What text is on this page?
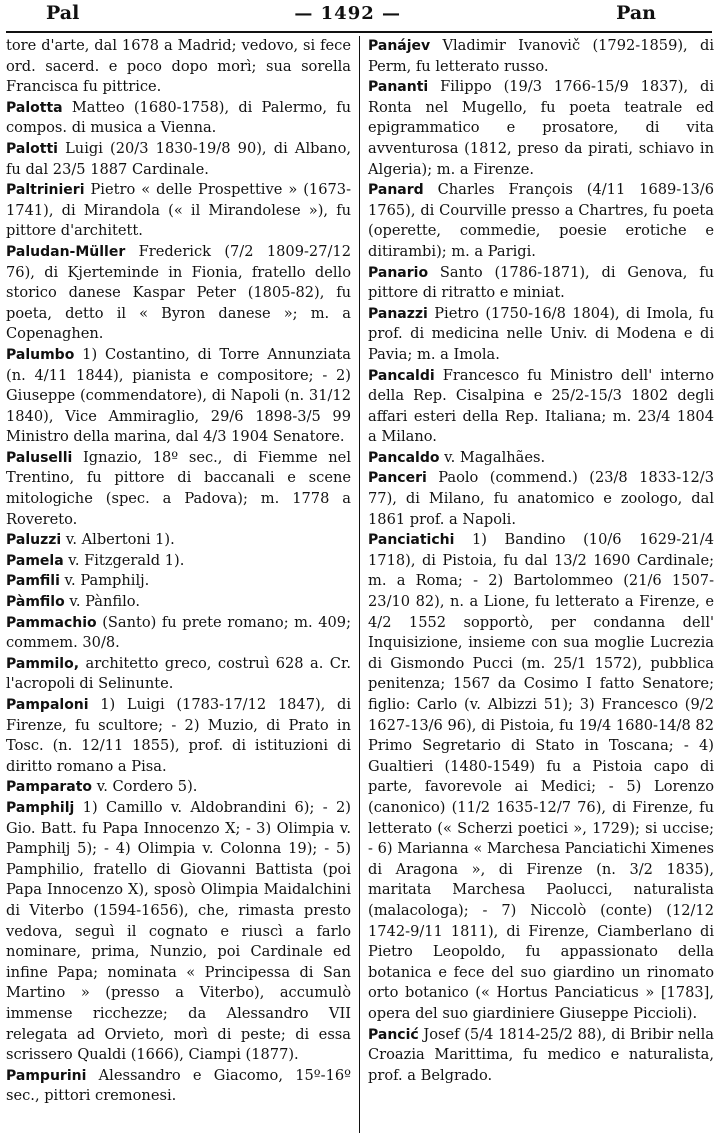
Pal	— 1492 —	Pan

tore d'arte, dal 1678 a Madrid; vedovo, si fece ord. sacerd. e poco dopo morì; sua sorella Francisca fu pittrice.

Palotta Matteo (1680-1758), di Palermo, fu compos. di musica a Vienna.

Palotti Luigi (20/3 1830-19/8 90), di Albano, fu dal 23/5 1887 Cardinale.

Paltrinieri Pietro « delle Prospettive » (1673-1741), di Mirandola (« il Mirandolese »), fu pittore d'architett.

Paludan-Müller Frederick (7/2 1809-27/12 76), di Kjerteminde in Fionia, fratello dello storico danese Kaspar Peter (1805-82), fu poeta, detto il « Byron danese »; m. a Copenaghen.

Palumbo 1) Costantino, di Torre Annunziata (n. 4/11 1844), pianista e compositore; - 2) Giuseppe (commendatore), di Napoli (n. 31/12 1840), Vice Ammiraglio, 29/6 1898-3/5 99 Ministro della marina, dal 4/3 1904 Senatore.

Paluselli Ignazio, 18º sec., di Fiemme nel Trentino, fu pittore di baccanali e scene mitologiche (spec. a Padova); m. 1778 a Rovereto.

Paluzzi v. Albertoni 1).

Pamela v. Fitzgerald 1).

Pamfili v. Pamphilj.

Pàmfilo v. Pànfilo.

Pammachio (Santo) fu prete romano; m. 409; commem. 30/8.

Pammilo, architetto greco, costruì 628 a. Cr. l'acropoli di Selinunte.

Pampaloni 1) Luigi (1783-17/12 1847), di Firenze, fu scultore; - 2) Muzio, di Prato in Tosc. (n. 12/11 1855), prof. di istituzioni di diritto romano a Pisa.

Pamparato v. Cordero 5).

Pamphilj 1) Camillo v. Aldobrandini 6); - 2) Gio. Batt. fu Papa Innocenzo X; - 3) Olimpia v. Pamphilj 5); - 4) Olimpia v. Colonna 19); - 5) Pamphilio, fratello di Giovanni Battista (poi Papa Innocenzo X), sposò Olimpia Maidalchini di Viterbo (1594-1656), che, rimasta presto vedova, seguì il cognato e riuscì a farlo nominare, prima, Nunzio, poi Cardinale ed infine Papa; nominata « Principessa di San Martino » (presso a Viterbo), accumulò immense ricchezze; da Alessandro VII relegata ad Orvieto, morì di peste; di essa scrissero Qualdi (1666), Ciampi (1877).

Pampurini Alessandro e Giacomo, 15º-16º sec., pittori cremonesi.

Panájev Vladimir Ivanovič (1792-1859), di Perm, fu letterato russo.

Pananti Filippo (19/3 1766-15/9 1837), di Ronta nel Mugello, fu poeta teatrale ed epigrammatico e prosatore, di vita avventurosa (1812, preso da pirati, schiavo in Algeria); m. a Firenze.

Panard Charles François (4/11 1689-13/6 1765), di Courville presso a Chartres, fu poeta (operette, commedie, poesie erotiche e ditirambi); m. a Parigi.

Panario Santo (1786-1871), di Genova, fu pittore di ritratto e miniat.

Panazzi Pietro (1750-16/8 1804), di Imola, fu prof. di medicina nelle Univ. di Modena e di Pavia; m. a Imola.

Pancaldi Francesco fu Ministro dell' interno della Rep. Cisalpina e 25/2-15/3 1802 degli affari esteri della Rep. Italiana; m. 23/4 1804 a Milano.

Pancaldo v. Magalhães.

Panceri Paolo (commend.) (23/8 1833-12/3 77), di Milano, fu anatomico e zoologo, dal 1861 prof. a Napoli.

Panciatichi 1) Bandino (10/6 1629-21/4 1718), di Pistoia, fu dal 13/2 1690 Cardinale; m. a Roma; - 2) Bartolommeo (21/6 1507-23/10 82), n. a Lione, fu letterato a Firenze, e 4/2 1552 sopportò, per condanna dell' Inquisizione, insieme con sua moglie Lucrezia di Gismondo Pucci (m. 25/1 1572), pubblica penitenza; 1567 da Cosimo I fatto Senatore; figlio: Carlo (v. Albizzi 51); 3) Francesco (9/2 1627-13/6 96), di Pistoia, fu 19/4 1680-14/8 82 Primo Segretario di Stato in Toscana; - 4) Gualtieri (1480-1549) fu a Pistoia capo di parte, favorevole ai Medici; - 5) Lorenzo (canonico) (11/2 1635-12/7 76), di Firenze, fu letterato (« Scherzi poetici », 1729); si uccise; - 6) Marianna « Marchesa Panciatichi Ximenes di Aragona », di Firenze (n. 3/2 1835), maritata Marchesa Paolucci, naturalista (malacologa); - 7) Niccolò (conte) (12/12 1742-9/11 1811), di Firenze, Ciamberlano di Pietro Leopoldo, fu appassionato della botanica e fece del suo giardino un rinomato orto botanico (« Hortus Panciaticus » [1783], opera del suo giardiniere Giuseppe Piccioli).

Pancić Josef (5/4 1814-25/2 88), di Bribir nella Croazia Marittima, fu medico e naturalista, prof. a Belgrado.
